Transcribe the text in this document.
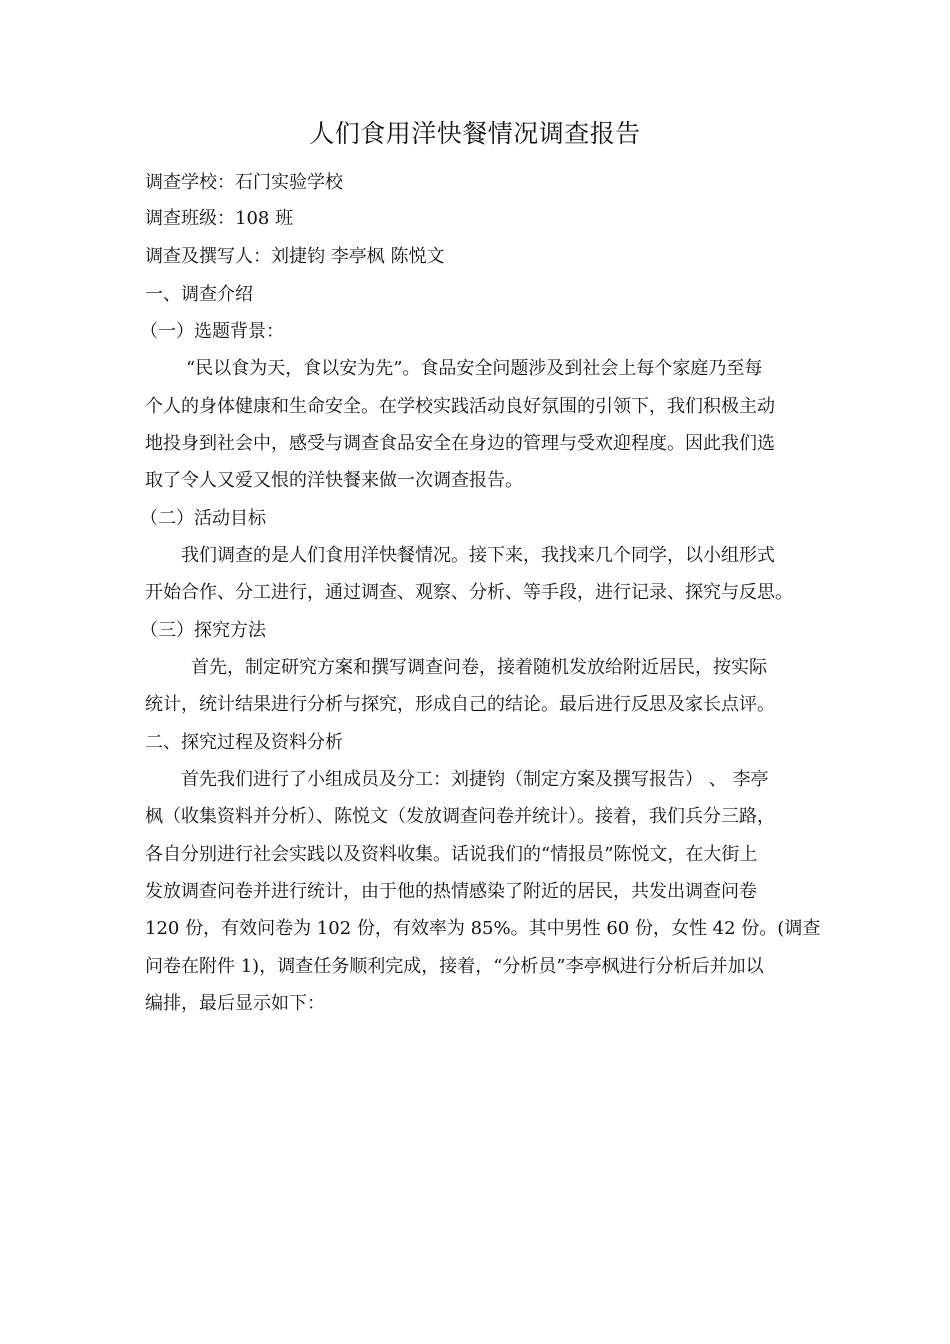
人们食用洋快餐情况调查报告
调查学校：石门实验学校
调查班级：108 班
调查及撰写人：刘捷钧 李亭枫 陈悦文
一、调查介绍
（一）选题背景：
“民以食为天，食以安为先”。食品安全问题涉及到社会上每个家庭乃至每
个人的身体健康和生命安全。在学校实践活动良好氛围的引领下，我们积极主动
地投身到社会中，感受与调查食品安全在身边的管理与受欢迎程度。因此我们选
取了令人又爱又恨的洋快餐来做一次调查报告。
（二）活动目标
我们调查的是人们食用洋快餐情况。接下来，我找来几个同学，以小组形式
开始合作、分工进行，通过调查、观察、分析、等手段，进行记录、探究与反思。
（三）探究方法
首先，制定研究方案和撰写调查问卷，接着随机发放给附近居民，按实际
统计，统计结果进行分析与探究，形成自己的结论。最后进行反思及家长点评。
二、探究过程及资料分析
首先我们进行了小组成员及分工：刘捷钧（制定方案及撰写报告） 、 李亭
枫（收集资料并分析）、陈悦文（发放调查问卷并统计）。接着，我们兵分三路，
各自分别进行社会实践以及资料收集。话说我们的“情报员”陈悦文，在大街上
发放调查问卷并进行统计，由于他的热情感染了附近的居民，共发出调查问卷
120 份，有效问卷为 102 份，有效率为 85%。其中男性 60 份，女性 42 份。(调查
问卷在附件 1)，调查任务顺利完成，接着，“分析员”李亭枫进行分析后并加以
编排，最后显示如下：
